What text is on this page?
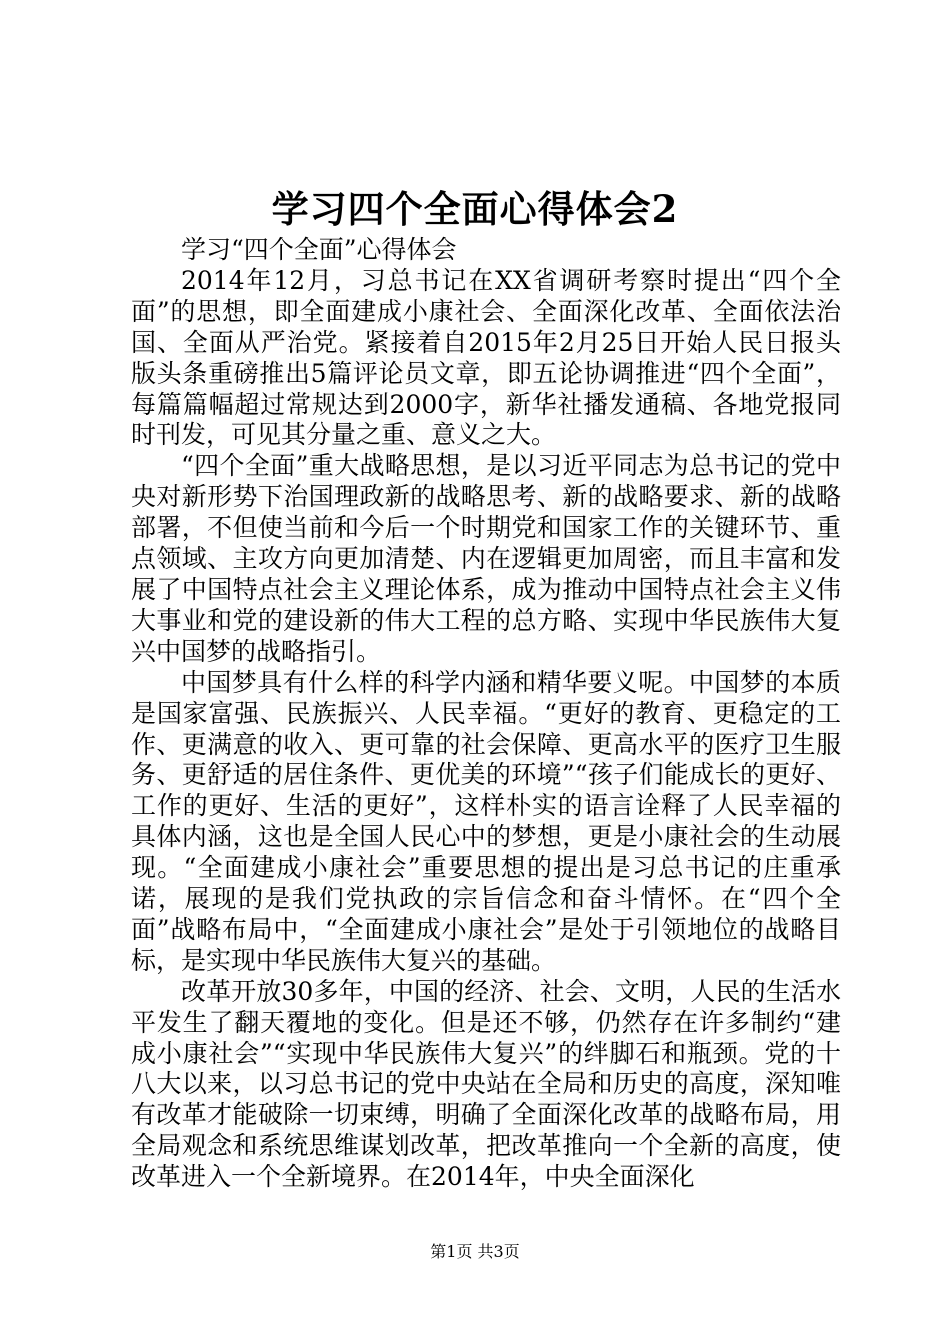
学习四个全面心得体会2

学习“四个全面”心得体会

2014年12月，习总书记在XX省调研考察时提出“四个全面”的思想，即全面建成小康社会、全面深化改革、全面依法治国、全面从严治党。紧接着自2015年2月25日开始人民日报头版头条重磅推出5篇评论员文章，即五论协调推进“四个全面”，每篇篇幅超过常规达到2000字，新华社播发通稿、各地党报同时刊发，可见其分量之重、意义之大。

“四个全面”重大战略思想，是以习近平同志为总书记的党中央对新形势下治国理政新的战略思考、新的战略要求、新的战略部署，不但使当前和今后一个时期党和国家工作的关键环节、重点领域、主攻方向更加清楚、内在逻辑更加周密，而且丰富和发展了中国特点社会主义理论体系，成为推动中国特点社会主义伟大事业和党的建设新的伟大工程的总方略、实现中华民族伟大复兴中国梦的战略指引。

中国梦具有什么样的科学内涵和精华要义呢。中国梦的本质是国家富强、民族振兴、人民幸福。“更好的教育、更稳定的工作、更满意的收入、更可靠的社会保障、更高水平的医疗卫生服务、更舒适的居住条件、更优美的环境”“孩子们能成长的更好、工作的更好、生活的更好”，这样朴实的语言诠释了人民幸福的具体内涵，这也是全国人民心中的梦想，更是小康社会的生动展现。“全面建成小康社会”重要思想的提出是习总书记的庄重承诺，展现的是我们党执政的宗旨信念和奋斗情怀。在“四个全面”战略布局中，“全面建成小康社会”是处于引领地位的战略目标，是实现中华民族伟大复兴的基础。

改革开放30多年，中国的经济、社会、文明，人民的生活水平发生了翻天覆地的变化。但是还不够，仍然存在许多制约“建成小康社会”“实现中华民族伟大复兴”的绊脚石和瓶颈。党的十八大以来，以习总书记的党中央站在全局和历史的高度，深知唯有改革才能破除一切束缚，明确了全面深化改革的战略布局，用全局观念和系统思维谋划改革，把改革推向一个全新的高度，使改革进入一个全新境界。在2014年，中央全面深化

第1页 共3页
